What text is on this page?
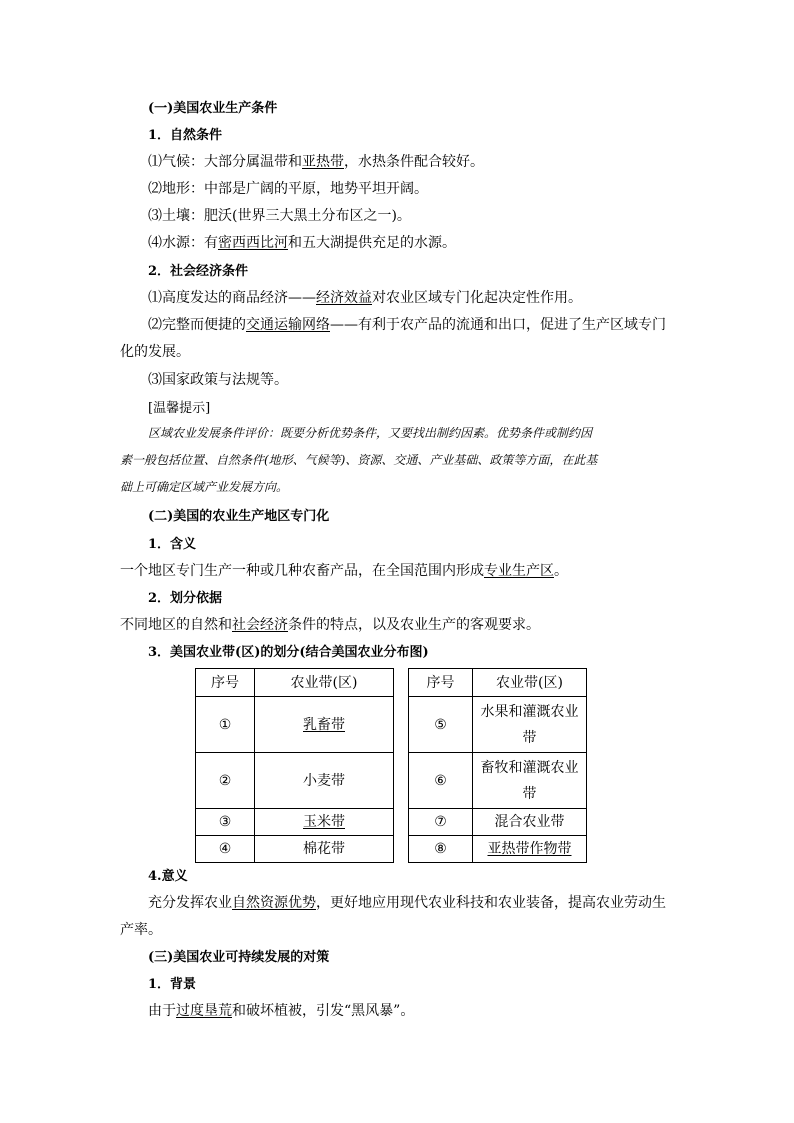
(一)美国农业生产条件
1．自然条件
⑴气候：大部分属温带和亚热带，水热条件配合较好。
⑵地形：中部是广阔的平原，地势平坦开阔。
⑶土壤：肥沃(世界三大黑土分布区之一)。
⑷水源：有密西西比河和五大湖提供充足的水源。
2．社会经济条件
⑴高度发达的商品经济——经济效益对农业区域专门化起决定性作用。
⑵完整而便捷的交通运输网络——有利于农产品的流通和出口，促进了生产区域专门
化的发展。
⑶国家政策与法规等。
[温馨提示]
区域农业发展条件评价：既要分析优势条件，又要找出制约因素。优势条件或制约因
素一般包括位置、自然条件(地形、气候等)、资源、交通、产业基础、政策等方面，在此基
础上可确定区域产业发展方向。
(二)美国的农业生产地区专门化
1．含义
一个地区专门生产一种或几种农畜产品，在全国范围内形成专业生产区。
2．划分依据
不同地区的自然和社会经济条件的特点，以及农业生产的客观要求。
3．美国农业带(区)的划分(结合美国农业分布图)
序号	农业带(区)		序号	农业带(区)
①	乳畜带		⑤	水果和灌溉农业
带

②	小麦带		⑥	畜牧和灌溉农业
带

③	玉米带		⑦	混合农业带
④	棉花带		⑧	亚热带作物带
4.意义
充分发挥农业自然资源优势，更好地应用现代农业科技和农业装备，提高农业劳动生
产率。
(三)美国农业可持续发展的对策
1．背景
由于过度垦荒和破坏植被，引发“黑风暴”。
